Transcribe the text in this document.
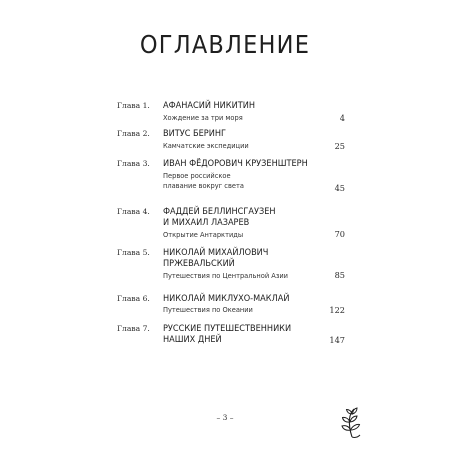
ОГЛАВЛЕНИЕ
Глава 1. АФАНАСИЙ НИКИТИН
Хождение за три моря	4
Глава 2. ВИТУС БЕРИНГ
Камчатские экспедиции	25
Глава 3. ИВАН ФЁДОРОВИЧ КРУЗЕНШТЕРН
Первое российское
плавание вокруг света	45
Глава 4. ФАДДЕЙ БЕЛЛИНСГАУЗЕН
И МИХАИЛ ЛАЗАРЕВ
Открытие Антарктиды	70
Глава 5. НИКОЛАЙ МИХАЙЛОВИЧ
ПРЖЕВАЛЬСКИЙ
Путешествия по Центральной Азии	85
Глава 6. НИКОЛАЙ МИКЛУХО-МАКЛАЙ
Путешествия по Океании	122
Глава 7. РУССКИЕ ПУТЕШЕСТВЕННИКИ
НАШИХ ДНЕЙ	147
– 3 –
